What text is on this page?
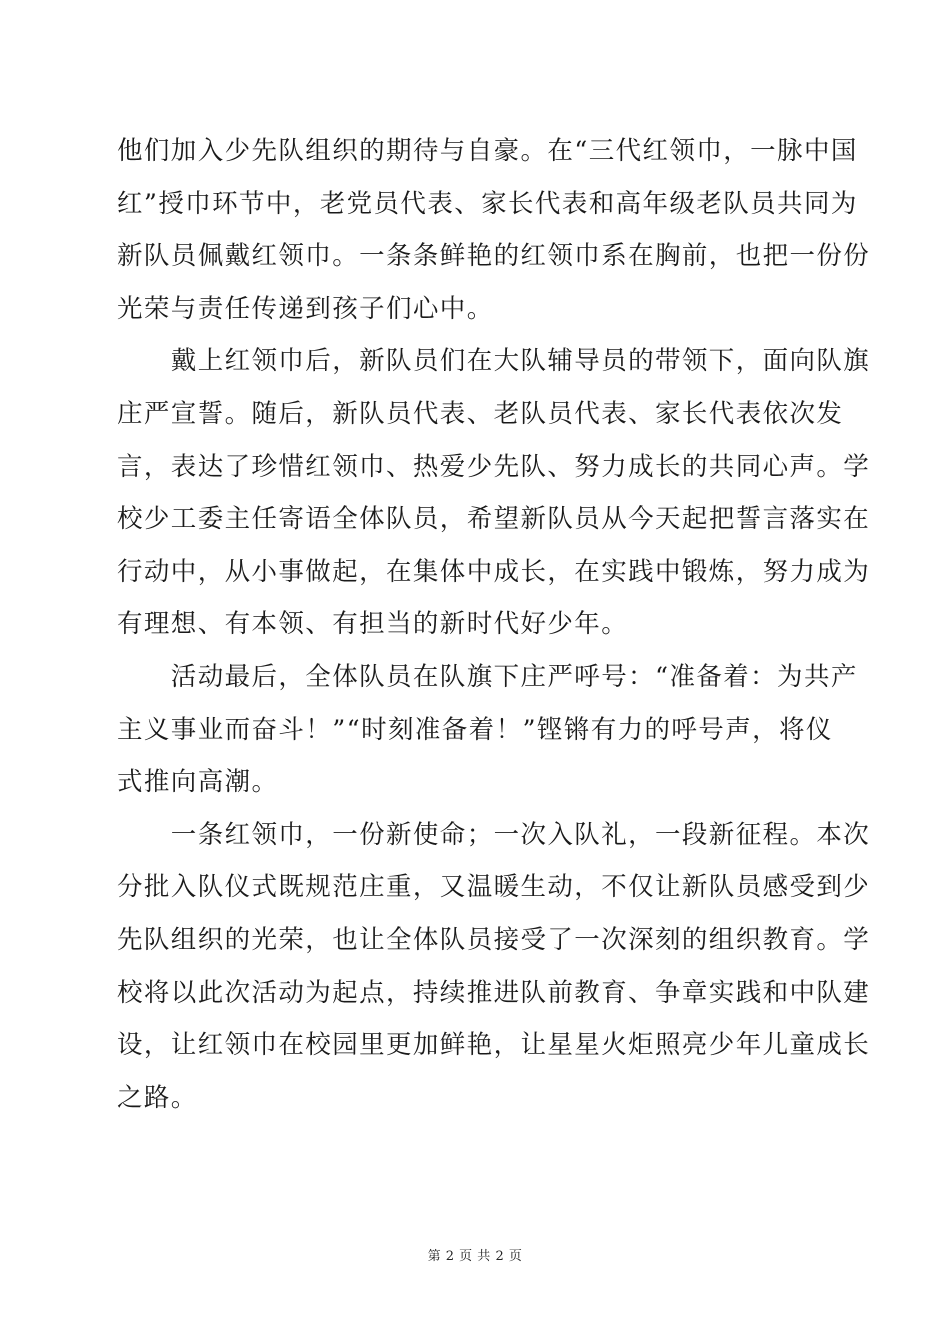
他们加入少先队组织的期待与自豪。在“三代红领巾，一脉中国
红”授巾环节中，老党员代表、家长代表和高年级老队员共同为
新队员佩戴红领巾。一条条鲜艳的红领巾系在胸前，也把一份份
光荣与责任传递到孩子们心中。
　　戴上红领巾后，新队员们在大队辅导员的带领下，面向队旗
庄严宣誓。随后，新队员代表、老队员代表、家长代表依次发
言，表达了珍惜红领巾、热爱少先队、努力成长的共同心声。学
校少工委主任寄语全体队员，希望新队员从今天起把誓言落实在
行动中，从小事做起，在集体中成长，在实践中锻炼，努力成为
有理想、有本领、有担当的新时代好少年。
　　活动最后，全体队员在队旗下庄严呼号：“准备着：为共产
主义事业而奋斗！”“时刻准备着！”铿锵有力的呼号声，将仪
式推向高潮。
　　一条红领巾，一份新使命；一次入队礼，一段新征程。本次
分批入队仪式既规范庄重，又温暖生动，不仅让新队员感受到少
先队组织的光荣，也让全体队员接受了一次深刻的组织教育。学
校将以此次活动为起点，持续推进队前教育、争章实践和中队建
设，让红领巾在校园里更加鲜艳，让星星火炬照亮少年儿童成长
之路。
第 2 页 共 2 页
